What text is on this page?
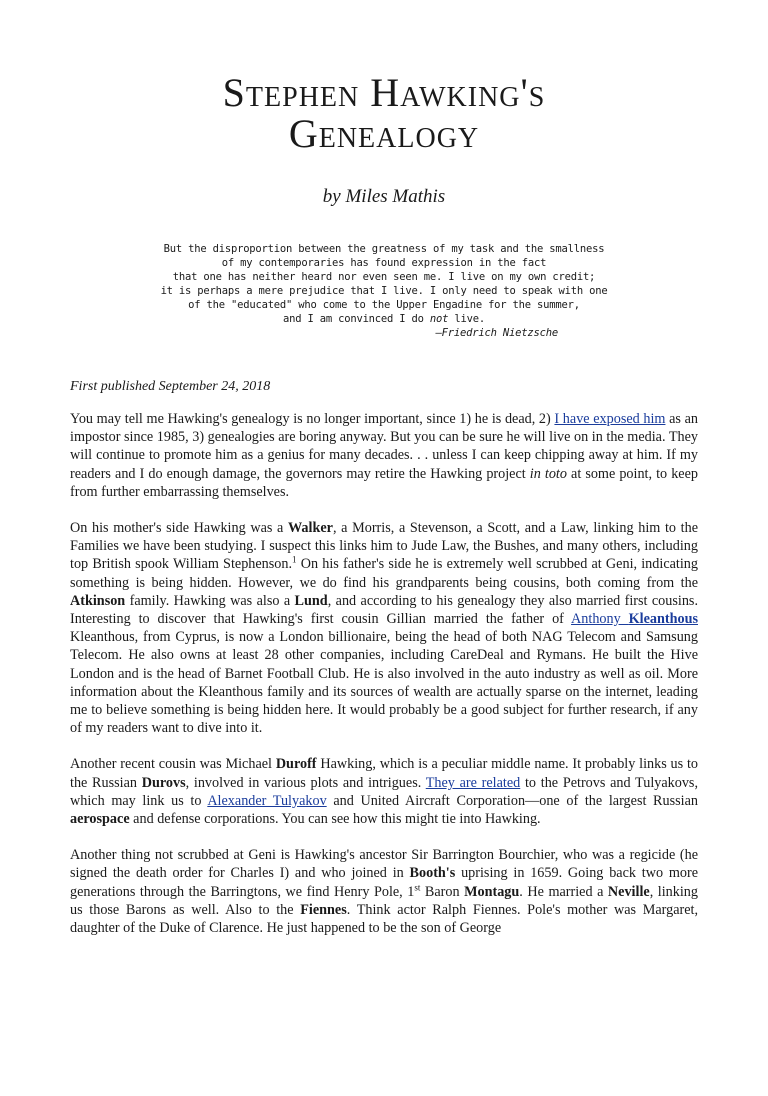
Stephen Hawking's
Genealogy
by Miles Mathis
But the disproportion between the greatness of my task and the smallness
of my contemporaries has found expression in the fact
that one has neither heard nor even seen me. I live on my own credit;
it is perhaps a mere prejudice that I live. I only need to speak with one
of the "educated" who come to the Upper Engadine for the summer,
and I am convinced I do not live.
—Friedrich Nietzsche
First published September 24, 2018

You may tell me Hawking's genealogy is no longer important, since 1) he is dead, 2) I have exposed him as an impostor since 1985, 3) genealogies are boring anyway. But you can be sure he will live on in the media. They will continue to promote him as a genius for many decades. . . unless I can keep chipping away at him. If my readers and I do enough damage, the governors may retire the Hawking project in toto at some point, to keep from further embarrassing themselves.

On his mother's side Hawking was a Walker, a Morris, a Stevenson, a Scott, and a Law, linking him to the Families we have been studying. I suspect this links him to Jude Law, the Bushes, and many others, including top British spook William Stephenson.$^1$ On his father's side he is extremely well scrubbed at Geni, indicating something is being hidden. However, we do find his grandparents being cousins, both coming from the Atkinson family. Hawking was also a Lund, and according to his genealogy they also married first cousins. Interesting to discover that Hawking's first cousin Gillian married the father of Anthony Kleanthous Kleanthous, from Cyprus, is now a London billionaire, being the head of both NAG Telecom and Samsung Telecom. He also owns at least 28 other companies, including CareDeal and Rymans. He built the Hive London and is the head of Barnet Football Club. He is also involved in the auto industry as well as oil. More information about the Kleanthous family and its sources of wealth are actually sparse on the internet, leading me to believe something is being hidden here. It would probably be a good subject for further research, if any of my readers want to dive into it.

Another recent cousin was Michael Duroff Hawking, which is a peculiar middle name. It probably links us to the Russian Durovs, involved in various plots and intrigues. They are related to the Petrovs and Tulyakovs, which may link us to Alexander Tulyakov and United Aircraft Corporation—one of the largest Russian aerospace and defense corporations. You can see how this might tie into Hawking.

Another thing not scrubbed at Geni is Hawking's ancestor Sir Barrington Bourchier, who was a regicide (he signed the death order for Charles I) and who joined in Booth's uprising in 1659. Going back two more generations through the Barringtons, we find Henry Pole, 1st Baron Montagu. He married a Neville, linking us those Barons as well. Also to the Fiennes. Think actor Ralph Fiennes. Pole's mother was Margaret, daughter of the Duke of Clarence. He just happened to be the son of George
